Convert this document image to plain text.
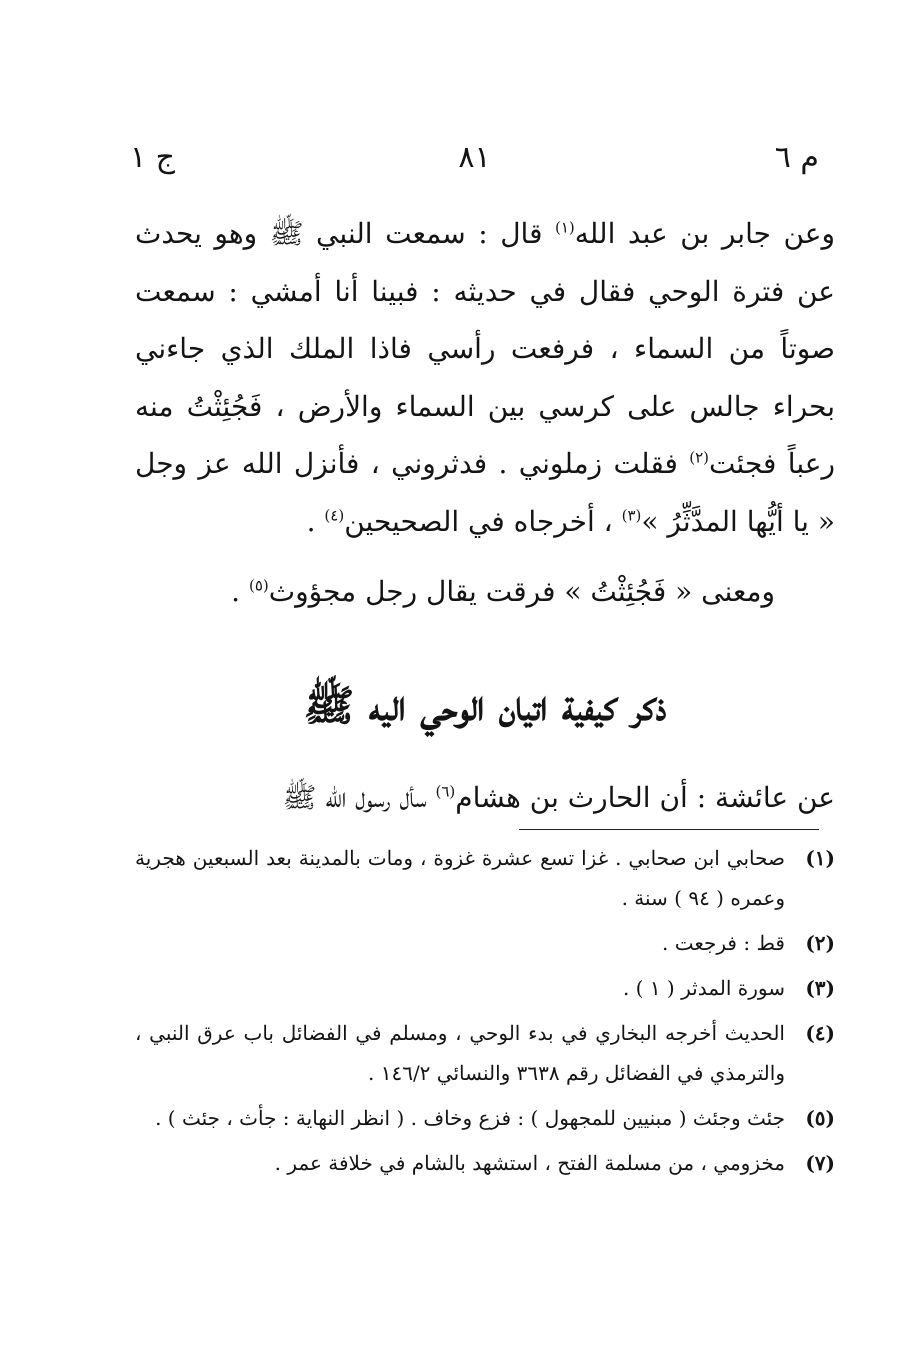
م ٦
٨١
ج ١

وعن جابر بن عبد الله$^{(١)}$ قال : سمعت النبي ﷺ وهو يحدث عن فترة الوحي فقال في حديثه : فبينا أنا أمشي : سمعت صوتاً من السماء ، فرفعت رأسي فاذا الملك الذي جاءني بحراء جالس على كرسي بين السماء والأرض ، فَجُئِثْتُ منه رعباً فجئت$^{(٢)}$ فقلت زملوني . فدثروني ، فأنزل الله عز وجل « يا أيُّها المدَّثِّرُ »$^{(٣)}$ ، أخرجاه في الصحيحين$^{(٤)}$ .

ومعنى « فَجُئِثْتُ » فرقت يقال رجل مجؤوث$^{(٥)}$ .

ذكر كيفية اتيان الوحي اليه ﷺ

عن عائشة : أن الحارث بن هشام$^{(٦)}$ سأل رسول الله ﷺ

(١)
صحابي ابن صحابي . غزا تسع عشرة غزوة ، ومات بالمدينة بعد السبعين هجرية وعمره ( ٩٤ ) سنة .
(٢)
قط : فرجعت .
(٣)
سورة المدثر ( ١ ) .
(٤)
الحديث أخرجه البخاري في بدء الوحي ، ومسلم في الفضائل باب عرق النبي ، والترمذي في الفضائل رقم ٣٦٣٨ والنسائي ١٤٦/٢ .
(٥)
جئث وجئث ( مبنيين للمجهول ) : فزع وخاف . ( انظر النهاية : جأث ، جئث ) .
(٧)
مخزومي ، من مسلمة الفتح ، استشهد بالشام في خلافة عمر .
